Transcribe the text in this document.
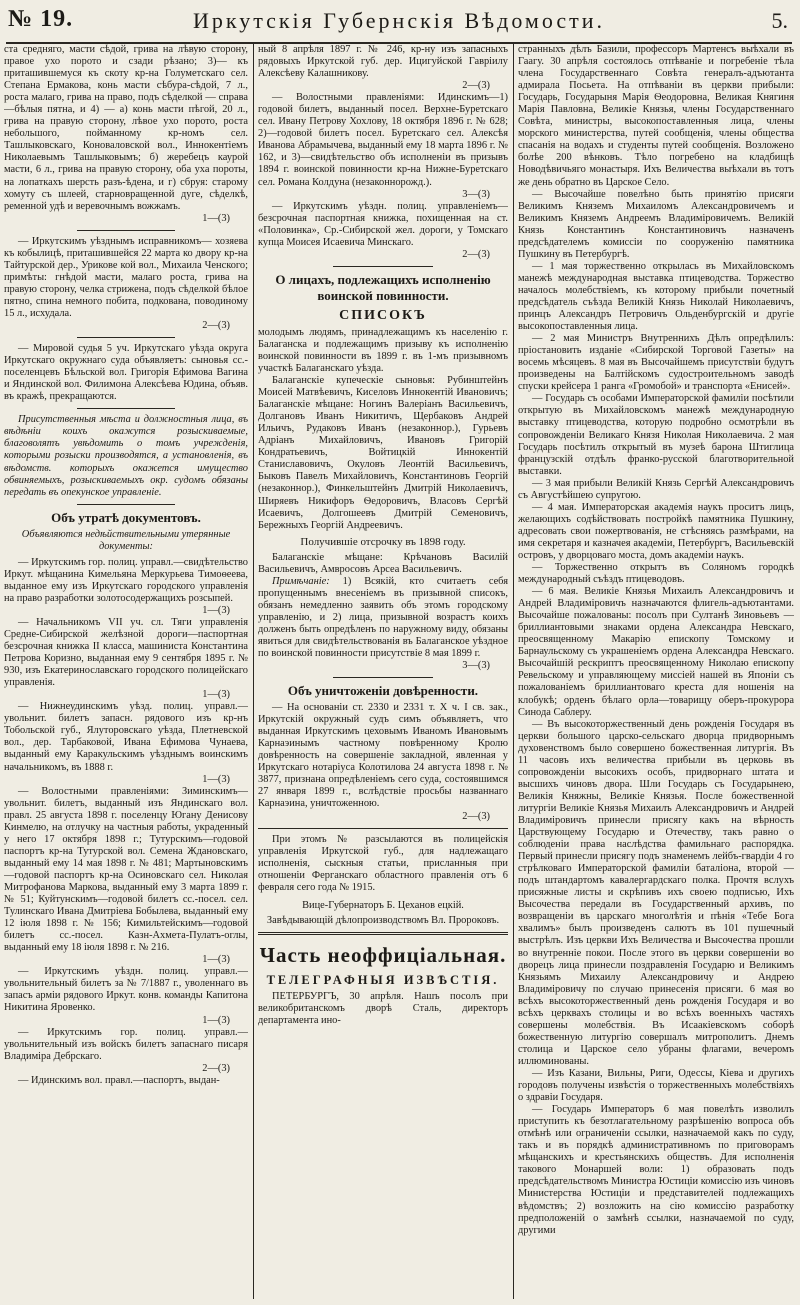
№ 19.	Иркутскія Губернскія Вѣдомости.	5.

ста средняго, масти сѣдой, грива на лѣвую сторону, правое ухо порото и сзади рѣзано; 3)— къ приташившемуся къ скоту кр-на Голуметскаго сел. Степана Ермакова, конь масти сѣбура-сѣдой, 7 л., роста малаго, грива на право, подъ сѣделкой — справа—бѣлыя пятна, и 4) — а) конь масти пѣгой, 20 л., грива на правую сторону, лѣвое ухо порото, роста небольшого, пойманному кр-номъ сел. Ташлыковскаго, Коноваловской вол., Иннокентіемъ Николаевымъ Ташлыковымъ; б) жеребецъ каурой масти, 6 л., грива на правую сторону, оба уха пороты, на лопаткахъ шерсть разъ-ѣдена, и г) сбруя: старому хомуту съ шлеей, старновращенной дуге, сѣделкѣ, ременной удѣ и веревочнымъ вожжамъ.

1—(3)

— Иркутскимъ уѣзднымъ исправникомъ— хозяева къ кобылицѣ, приташившейся 22 марта ко двору кр-на Тайтурской дер., Урикове кой вол., Михаила Ченского; примѣты: гнѣдой масти, малаго роста, грива на правую сторону, челка стрижена, подъ сѣделкой бѣлое пятно, спина немного побита, подкована, поводиному 15 л., исхудала.

2—(3)

— Мировой судья 5 уч. Иркутскаго уѣзда округа Иркутскаго окружнаго суда объявляетъ: сыновья сс.-поселенцевъ Бѣльской вол. Григорія Ефимова Вагина и Яндинской вол. Филимона Алексѣева Юдина, объяв. въ кражѣ, прекращаются.

Присутственныя мѣста и должностныя лица, въ вѣдѣніи коихъ окажутся розыскиваемые, благоволятъ увѣдомить о томъ учрежденія, которыми розыски производятся, а установленія, въ вѣдомств. которыхъ окажется имущество обвиняемыхъ, розыскиваемыхъ окр. судомъ обязаны передать въ опекунское управленіе.

Объ утратѣ документовъ.

Объявляются недѣйствительными утерянные документы:

— Иркутскимъ гор. полиц. управл.—свидѣтельство Иркут. мѣщанина Кимельяна Меркурьева Тимоѳеева, выданное ему изъ Иркутскаго городского управленія на право разработки золотосодержащихъ розсыпей.

1—(3)

— Начальникомъ VII уч. сл. Тяги управленія Средне-Сибирской желѣзной дороги—паспортная безсрочная книжка II класса, машиниста Константина Петрова Коризно, выданная ему 9 сентября 1895 г. № 930, изъ Екатеринославскаго городского полицейскаго управленія.

1—(3)

— Нижнеудинскимъ уѣзд. полиц. управл.— увольнит. билетъ запасн. рядового изъ кр-нъ Тобольской губ., Ялуторовскаго уѣзда, Плетневской вол., дер. Тарбаковой, Ивана Ефимова Чунаева, выданный ему Каракульскимъ уѣзднымъ воинскимъ начальникомъ, въ 1888 г.

1—(3)

— Волостными правленіями: Зиминскимъ— увольнит. билетъ, выданный изъ Яндинскаго вол. правл. 25 августа 1898 г. поселенцу Югану Денисову Кинмелю, на отлучку на частныя работы, украденный у него 17 октября 1898 г.; Тутурскимъ—годовой паспортъ кр-на Тутурской вол. Семена Ждановскаго, выданный ему 14 мая 1898 г. № 481; Мартыновскимъ—годовой паспортъ кр-на Осиновскаго сел. Николая Митрофанова Маркова, выданный ему 3 марта 1899 г. № 51; Куйтунскимъ—годовой билетъ сс.-посел. сел. Тулинскаго Ивана Дмитріева Бобылева, выданный ему 12 іюля 1898 г. № 156; Кимильтейскимъ—годовой билетъ сс.-посел. Казн-Ахмета-Пулатъ-оглы, выданный ему 18 іюля 1898 г. № 216.

1—(3)

— Иркутскимъ уѣздн. полиц. управл.—увольнительный билетъ за № 7/1887 г., уволеннаго въ запасъ арміи рядового Иркут. конв. команды Капитона Никитина Яровенко.

1—(3)

— Иркутскимъ гор. полиц. управл.—увольнительный изъ войскъ билетъ запаснаго писаря Владиміра Дебрскаго.

2—(3)

— Идинскимъ вол. правл.—паспортъ, выдан-

ный 8 апрѣля 1897 г. № 246, кр-ну изъ запасныхъ рядовыхъ Иркутской губ. дер. Ицигуйской Гавріилу Алексѣеву Калашникову.

2—(3)

— Волостными правленіями: Идинскимъ—1) годовой билетъ, выданный посел. Верхне-Буретскаго сел. Ивану Петрову Хохлову, 18 октября 1896 г. № 628; 2)—годовой билетъ посел. Буретскаго сел. Алексѣя Иванова Абрамычева, выданный ему 18 марта 1896 г. № 162, и 3)—свидѣтельство объ исполненіи въ призывъ 1894 г. воинской повинности кр-на Нижне-Буретскаго сел. Романа Колдуна (незаконнорожд.).

3—(3)

— Иркутскимъ уѣздн. полиц. управленіемъ—безсрочная паспортная книжка, похищенная на ст. «Половинка», Ср.-Сибирской жел. дороги, у Томскаго купца Моисея Исаевича Минскаго.

2—(3)

О лицахъ, подлежащихъ исполненію воинской повинности.

СПИСОКЪ

молодымъ людямъ, принадлежащимъ къ населенію г. Балаганска и подлежащимъ призыву къ исполненію воинской повинности въ 1899 г. въ 1-мъ призывномъ участкѣ Балаганскаго уѣзда.

Балаганскіе купеческіе сыновья: Рубинштейнъ Моисей Матвѣевичъ, Киселовъ Иннокентій Ивановичъ; Балаганскіе мѣщане: Ногинъ Валеріанъ Васильевичъ, Долгановъ Иванъ Никитичъ, Щербаковъ Андрей Ильичъ, Рудаковъ Иванъ (незаконнор.), Гурьевъ Адріанъ Михайловичъ, Ивановъ Григорій Кондратьевичъ, Войтицкій Иннокентій Станиславовичъ, Окуловъ Леонтій Васильевичъ, Быковъ Павелъ Михайловичъ, Константиновъ Георгій (незаконнор.), Финкельштейнъ Дмитрій Николаевичъ, Ширяевъ Никифоръ Ѳедоровичъ, Власовъ Сергѣй Исаевичъ, Долгошеевъ Дмитрій Семеновичъ, Бережныхъ Георгій Андреевичъ.

Получившіе отсрочку въ 1898 году.

Балаганскіе мѣщане: Крѣчановъ Василій Васильевичъ, Амвросовъ Арсеа Васильевичъ.

Примѣчаніе: 1) Всякій, кто считаетъ себя пропущеннымъ внесеніемъ въ призывной списокъ, обязанъ немедленно заявить объ этомъ городскому управленію, и 2) лица, призывной возрастъ коихъ долженъ быть опредѣленъ по наружному виду, обязаны явиться для свидѣтельствованія въ Балаганское уѣздное по воинской повинности присутствіе 8 мая 1899 г.

3—(3)

Объ уничтоженіи довѣренности.

— На основаніи ст. 2330 и 2331 т. X ч. I св. зак., Иркутскій окружный судъ симъ объявляетъ, что выданная Иркутскимъ цеховымъ Иваномъ Ивановымъ Карнаэинымъ частному повѣренному Кролю довѣренность на совершеніе закладной, явленная у Иркутскаго нотаріуса Колотилова 24 августа 1898 г. № 3877, признана опредѣленіемъ сего суда, состоявшимся 27 января 1899 г., вслѣдствіе просьбы названнаго Карнаэина, уничтоженною.

2—(3)

При этомъ № разсылаются въ полицейскія управленія Иркутской губ., для надлежащаго исполненія, сыскныя статьи, присланныя при отношеніи Ферганскаго областного правленія отъ 6 февраля сего года № 1915.

Вице-Губернаторъ Б. Цеханов ецкій.

Завѣдывающій дѣлопроизводствомъ Вл. Пророковъ.

Часть неоффиціальная.

ТЕЛЕГРАФНЫЯ ИЗВѢСТІЯ.

ПЕТЕРБУРГЪ, 30 апрѣля. Нашъ посолъ при великобританскомъ дворѣ Сталь, директоръ департамента ино-

странныхъ дѣлъ Базили, профессоръ Мартенсъ выѣхали въ Гаагу. 30 апрѣля состоялось отпѣваніе и погребеніе тѣла члена Государственнаго Совѣта генералъ-адъютанта адмирала Посьета. На отпѣваніи въ церкви прибыли: Государь, Государыня Марія Ѳеодоровна, Великая Княгиня Марія Павловна, Великіе Князья, члены Государственнаго Совѣта, министры, высокопоставленныя лица, члены морского министерства, путей сообщенія, члены общества спасанія на водахъ и студенты путей сообщенія. Возложено болѣе 200 вѣнковъ. Тѣло погребено на кладбищѣ Новодѣвичьяго монастыря. Ихъ Величества выѣхали въ тотъ же день обратно въ Царское Село.

— Высочайше повелѣно быть принятію присяги Великимъ Княземъ Михаиломъ Александровичемъ и Великимъ Княземъ Андреемъ Владиміровичемъ. Великій Князь Константинъ Константиновичъ назначенъ предсѣдателемъ комиссіи по сооруженію памятника Пушкину въ Петербургѣ.

— 1 мая торжественно открылась въ Михайловскомъ манежѣ международная выставка птицеводства. Торжество началось молебствіемъ, къ которому прибыли почетный предсѣдатель съѣзда Великій Князь Николай Николаевичъ, принцъ Александръ Петровичъ Ольденбургскій и другіе высокопоставленныя лица.

— 2 мая Министръ Внутреннихъ Дѣлъ опредѣлилъ: пріостановить изданіе «Сибирской Торговой Газеты» на восемь мѣсяцевъ. 8 мая въ Высочайшемъ присутствіи будутъ произведены на Балтійскомъ судостроительномъ заводѣ спуски крейсера 1 ранга «Громобой» и транспорта «Енисей».

— Государь съ особами Императорской фамиліи посѣтили открытую въ Михайловскомъ манежѣ международную выставку птицеводства, которую подробно осмотрѣли въ сопровожденіи Великаго Князя Николая Николаевича. 2 мая Государь посѣтилъ открытый въ музеѣ барона Штиглица французскій отдѣлъ франко-русской благотворительной выставки.

— 3 мая прибыли Великій Князь Сергѣй Александровичъ съ Августѣйшею супругою.

— 4 мая. Императорская академія наукъ проситъ лицъ, желающихъ содѣйствовать постройкѣ памятника Пушкину, адресовать свои пожертвованія, не стѣсняясь размѣрами, на имя секретаря и казначея академіи, Петербургъ, Васильевскій островъ, у дворцоваго моста, домъ академіи наукъ.

— Торжественно открытъ въ Соляномъ городкѣ международный съѣздъ птицеводовъ.

— 6 мая. Великіе Князья Михаилъ Александровичъ и Андрей Владиміровичъ назначаются флигель-адъютантами. Высочайше пожалованы: посолъ при Султанѣ Зиновьевъ — бриллиантовыми знаками ордена Александра Невскаго, преосвященному Макарію епископу Томскому и Барнаульскому съ украшеніемъ ордена Александра Невскаго. Высочайшій рескриптъ преосвященному Николаю епископу Ревельскому и управляющему миссіей нашей въ Японіи съ пожалованіемъ бриллиантоваго креста для ношенія на клобукѣ; орденъ бѣлаго орла—товарищу оберъ-прокурора Синода Саблеру.

— Въ высокоторжественный день рожденія Государя въ церкви большого царско-сельскаго дворца придворнымъ духовенствомъ было совершено божественная литургія. Въ 11 часовъ ихъ величества прибыли въ церковь въ сопровожденіи высокихъ особъ, придворнаго штата и высшихъ чиновъ двора. Шли Государь съ Государынею, Великія Княжны, Великіе Князья. После божественной литургіи Великіе Князья Михаилъ Александровичъ и Андрей Владиміровичъ принесли присягу какъ на вѣрность Царствующему Государю и Отечеству, такъ равно о соблюденіи права наслѣдства фамильнаго распорядка. Первый принесли присягу подъ знаменемъ лейбъ-гвардіи 4 го стрѣлковаго Императорской фамиліи баталіона, второй — подъ штандартомъ кавалергардскаго полка. Прочтя вслухъ присяжные листы и скрѣпивъ ихъ своею подписью, Ихъ Высочества передали въ Государственный архивъ, по возвращеніи въ царскаго многолѣтія и пѣнія «Тебе Бога хвалимъ» былъ произведенъ салютъ въ 101 пушечный выстрѣлъ. Изъ церкви Ихъ Величества и Высочества прошли во внутренніе покои. После этого въ церкви совершеніи во дворецъ лица принесли поздравленія Государю и Великимъ Князьямъ Михаилу Александровичу и Андрею Владиміровичу по случаю принесенія присяги. 6 мая во всѣхъ высокоторжественный день рожденія Государя и во всѣхъ церквахъ столицы и во всѣхъ военныхъ частяхъ совершены молебствія. Въ Исаакіевскомъ соборѣ божественную литургію совершалъ митрополитъ. Днемъ столица и Царское село убраны флагами, вечеромъ иллюминованы.

— Изъ Казани, Вильны, Риги, Одессы, Кіева и другихъ городовъ получены извѣстія о торжественныхъ молебствіяхъ о здравіи Государя.

— Государь Императоръ 6 мая повелѣть изволилъ приступить къ безотлагательному разрѣшенію вопроса объ отмѣнѣ или ограниченіи ссылки, назначаемой какъ по суду, такъ и въ порядкѣ административномъ по приговорамъ мѣщанскихъ и крестьянскихъ обществъ. Для исполненія такового Монаршей воли: 1) образовать подъ предсѣдательствомъ Министра Юстиціи комиссію изъ чиновъ Министерства Юстиціи и представителей подлежащихъ вѣдомствъ; 2) возложить на сію комиссію разработку предположеній о замѣнѣ ссылки, назначаемой по суду, другими
